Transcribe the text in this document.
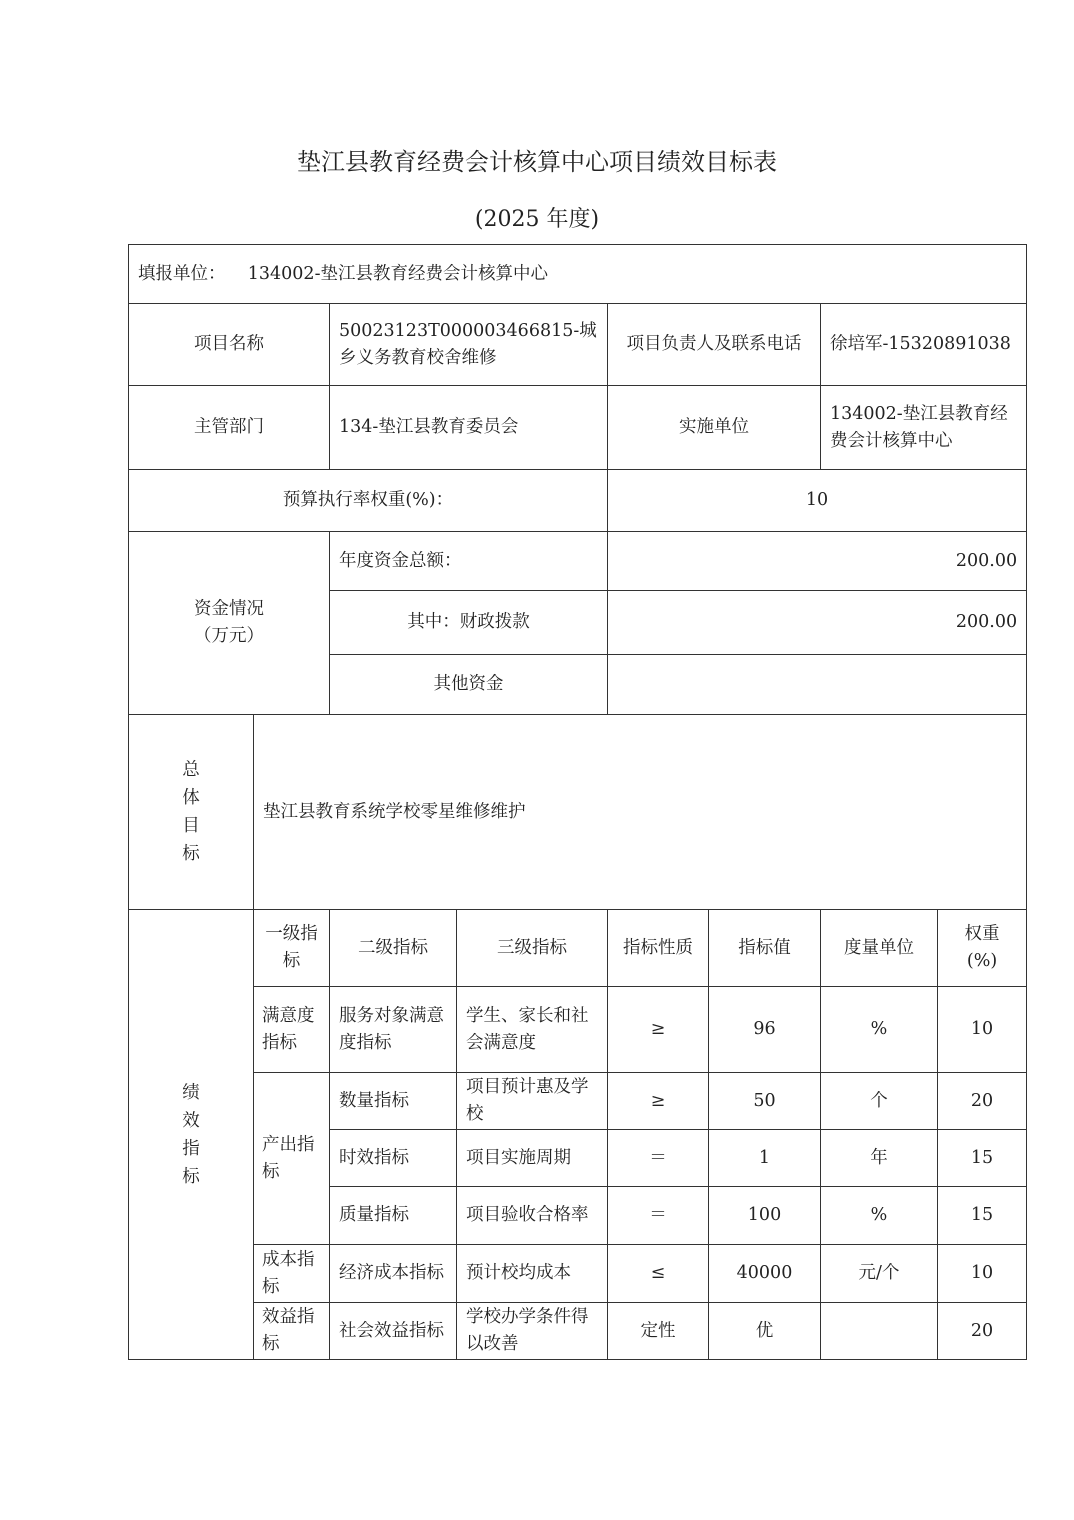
垫江县教育经费会计核算中心项目绩效目标表
(2025 年度)
填报单位： 134002-垫江县教育经费会计核算中心							
项目名称		50023123T000003466815-城乡义务教育校舍维修		项目负责人及联系电话		徐培军-15320891038	
主管部门		134-垫江县教育委员会		实施单位		134002-垫江县教育经费会计核算中心	
预算执行率权重(%)：				10			
资金情况（万元）		年度资金总额：		200.00			
		其中：财政拨款		200.00			
		其他资金					
总体目标	垫江县教育系统学校零星维修维护						
绩效指标	一级指标	二级指标	三级指标	指标性质	指标值	度量单位	权重(%)
	满意度指标	服务对象满意度指标	学生、家长和社会满意度	≥	96	%	10
	产出指标	数量指标	项目预计惠及学校	≥	50	个	20
		时效指标	项目实施周期	＝	1	年	15
		质量指标	项目验收合格率	＝	100	%	15
	成本指标	经济成本指标	预计校均成本	≤	40000	元/个	10
	效益指标	社会效益指标	学校办学条件得以改善	定性	优		20
